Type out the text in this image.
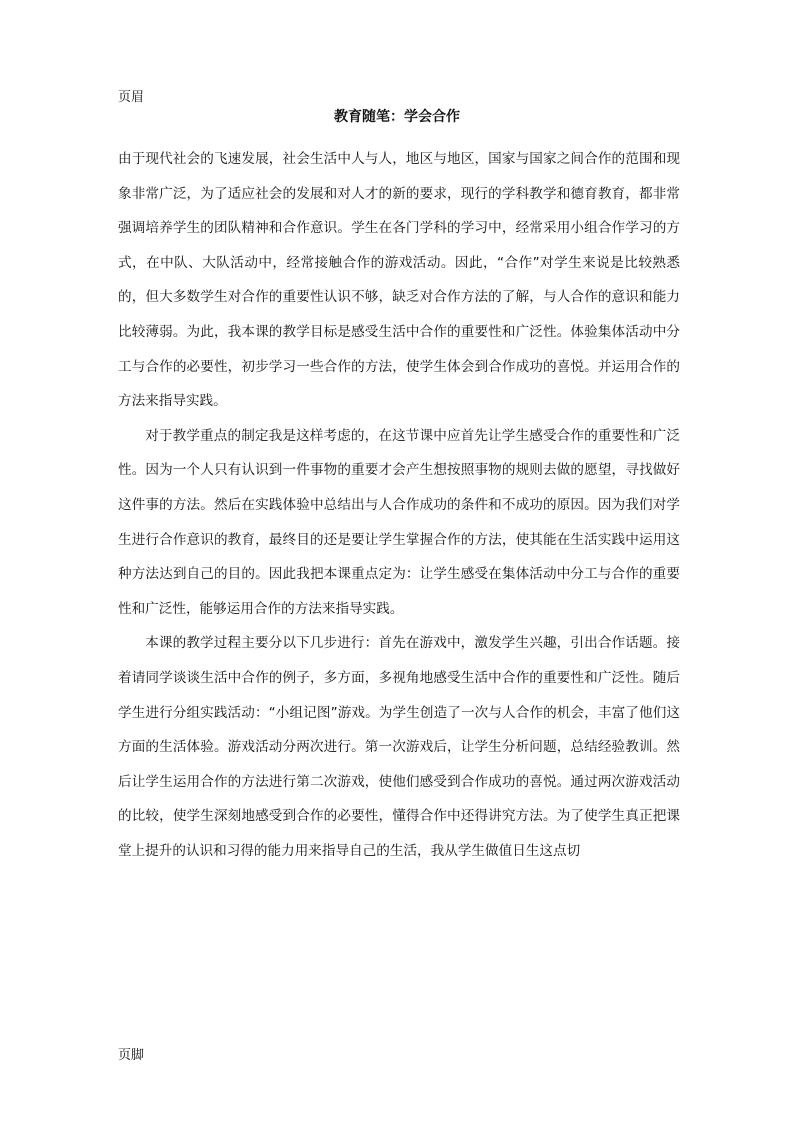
页眉
教育随笔：学会合作

由于现代社会的飞速发展，社会生活中人与人，地区与地区，国家与国家之间合作的范围和现象非常广泛，为了适应社会的发展和对人才的新的要求，现行的学科教学和德育教育，都非常强调培养学生的团队精神和合作意识。学生在各门学科的学习中，经常采用小组合作学习的方式，在中队、大队活动中，经常接触合作的游戏活动。因此，“合作”对学生来说是比较熟悉的，但大多数学生对合作的重要性认识不够，缺乏对合作方法的了解，与人合作的意识和能力比较薄弱。为此，我本课的教学目标是感受生活中合作的重要性和广泛性。体验集体活动中分工与合作的必要性，初步学习一些合作的方法，使学生体会到合作成功的喜悦。并运用合作的方法来指导实践。

对于教学重点的制定我是这样考虑的，在这节课中应首先让学生感受合作的重要性和广泛性。因为一个人只有认识到一件事物的重要才会产生想按照事物的规则去做的愿望，寻找做好这件事的方法。然后在实践体验中总结出与人合作成功的条件和不成功的原因。因为我们对学生进行合作意识的教育，最终目的还是要让学生掌握合作的方法，使其能在生活实践中运用这种方法达到自己的目的。因此我把本课重点定为：让学生感受在集体活动中分工与合作的重要性和广泛性，能够运用合作的方法来指导实践。

本课的教学过程主要分以下几步进行：首先在游戏中，激发学生兴趣，引出合作话题。接着请同学谈谈生活中合作的例子，多方面，多视角地感受生活中合作的重要性和广泛性。随后学生进行分组实践活动：“小组记图”游戏。为学生创造了一次与人合作的机会，丰富了他们这方面的生活体验。游戏活动分两次进行。第一次游戏后，让学生分析问题，总结经验教训。然后让学生运用合作的方法进行第二次游戏，使他们感受到合作成功的喜悦。通过两次游戏活动的比较，使学生深刻地感受到合作的必要性，懂得合作中还得讲究方法。为了使学生真正把课堂上提升的认识和习得的能力用来指导自己的生活，我从学生做值日生这点切

页脚
